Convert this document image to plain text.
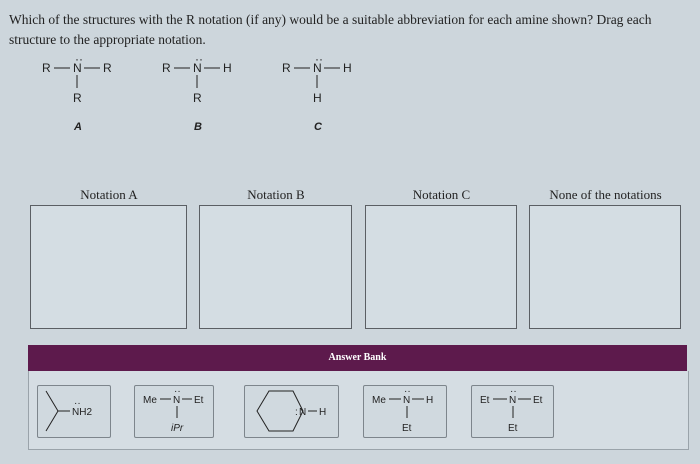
Which of the structures with the R notation (if any) would be a suitable abbreviation for each amine shown? Drag each structure to the appropriate notation.
R N
··
R
R
A
R N
··
H
R
B
R N
··
H
H
C
Notation A	Notation B	Notation C	None of the notations
Answer Bank
NH2
··	Me N
··
Et
iPr
: N H
Me N
··
H
Et
Et N
··
Et
Et
